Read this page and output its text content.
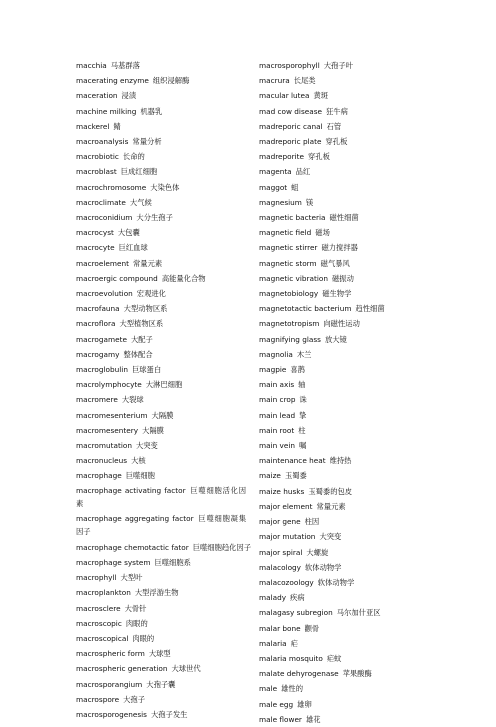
macchia 马基群落
macerating enzyme 组织浸解酶
maceration 浸渍
machine milking 机器乳
mackerel 鲭
macroanalysis 常量分析
macrobiotic 长命的
macroblast 巨成红细胞
macrochromosome 大染色体
macroclimate 大气候
macroconidium 大分生孢子
macrocyst 大包囊
macrocyte 巨红血球
macroelement 常量元素
macroergic compound 高能量化合物
macroevolution 宏观进化
macrofauna 大型动物区系
macroflora 大型植物区系
macrogamete 大配子
macrogamy 整体配合
macroglobulin 巨球蛋白
macrolymphocyte 大淋巴细胞
macromere 大裂球
macromesenterium 大隔膜
macromesentery 大隔膜
macromutation 大突变
macronucleus 大核
macrophage 巨噬细胞
macrophage activating factor 巨噬细胞活化因素
macrophage aggregating factor 巨噬细胞凝集因子
macrophage chemotactic fator 巨噬细胞趋化因子
macrophage system 巨噬细胞系
macrophyll 大型叶
macroplankton 大型浮游生物
macrosclere 大骨针
macroscopic 肉眼的
macroscopical 肉眼的
macrospheric form 大球型
macrospheric generation 大球世代
macrosporangium 大孢子囊
macrospore 大孢子
macrosporogenesis 大孢子发生
macrosporophyll 大孢子叶
macrura 长尾类
macular lutea 黄斑
mad cow disease 狂牛病
madreporic canal 石管
madreporic plate 穿孔板
madreporite 穿孔板
magenta 品红
maggot 蛆
magnesium 镁
magnetic bacteria 磁性细菌
magnetic field 磁场
magnetic stirrer 磁力搅拌器
magnetic storm 磁气暴风
magnetic vibration 磁振动
magnetobiology 磁生物学
magnetotactic bacterium 趋性细菌
magnetotropism 向磁性运动
magnifying glass 放大镜
magnolia 木兰
magpie 喜鹊
main axis 轴
main crop 诛
main lead 挚
main root 柱
main vein 嘱
maintenance heat 维持热
maize 玉蜀黍
maize husks 玉蜀黍的包皮
major element 常量元素
major gene 柱因
major mutation 大突变
major spiral 大螺旋
malacology 软体动物学
malacozoology 软体动物学
malady 疾病
malagasy subregion 马尔加什亚区
malar bone 颧骨
malaria 疟
malaria mosquito 疟蚊
malate dehyrogenase 苹果酸酶
male 雄性的
male egg 雄卵
male flower 雄花
